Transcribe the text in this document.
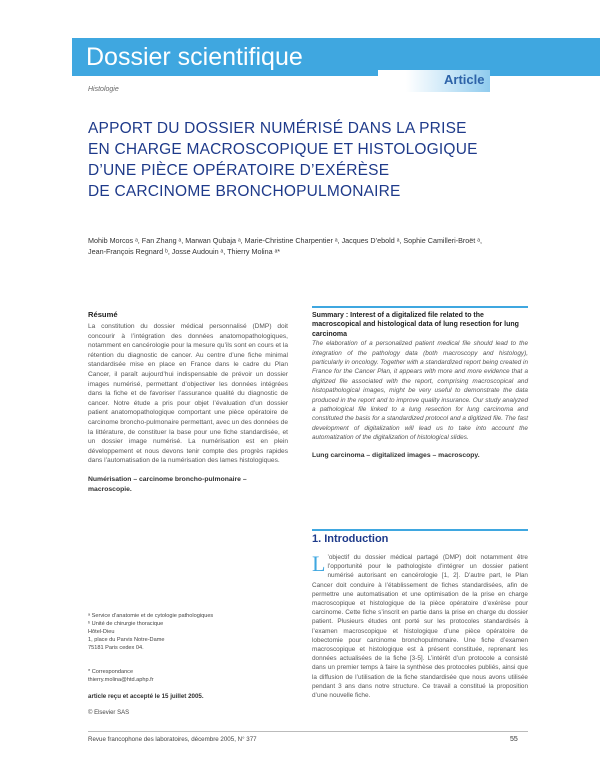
Dossier scientifique
Article
Histologie
APPORT DU DOSSIER NUMÉRISÉ DANS LA PRISE
EN CHARGE MACROSCOPIQUE ET HISTOLOGIQUE
D’UNE PIÈCE OPÉRATOIRE D’EXÉRÈSE
DE CARCINOME BRONCHOPULMONAIRE
Mohib Morcos ᵃ, Fan Zhang ᵃ, Marwan Qubaja ᵃ, Marie-Christine Charpentier ᵃ, Jacques D’ebold ᵃ, Sophie Camilleri-Broët ᵃ,
Jean-François Regnard ᵇ, Josse Audouin ᵃ, Thierry Molina ᵃ*
Résumé
La constitution du dossier médical personnalisé (DMP) doit concourir à l’intégration des données anatomopathologiques, notamment en cancérologie pour la mesure qu’ils sont en cours et la rétention du diagnostic de cancer. Au centre d’une fiche minimal standardisée mise en place en France dans le cadre du Plan Cancer, il paraît aujourd’hui indispensable de prévoir un dossier images numérisé, permettant d’objectiver les données intégrées dans la fiche et de favoriser l’assurance qualité du diagnostic de cancer. Notre étude a pris pour objet l’évaluation d’un dossier patient anatomopathologique comportant une pièce opératoire de carcinome broncho-pulmonaire permettant, avec un des données de la littérature, de constituer la base pour une fiche standardisée, et un dossier image numérisé. La numérisation est en plein développement et nous devons tenir compte des progrès rapides dans l’automatisation de la numérisation des lames histologiques.
Numérisation – carcinome broncho-pulmonaire – macroscopie.
Summary : Interest of a digitalized file related to the macroscopical and histological data of lung resection for lung carcinoma
The elaboration of a personalized patient medical file should lead to the integration of the pathology data (both macroscopy and histology), particularly in oncology. Together with a standardized report being created in France for the Cancer Plan, it appears with more and more evidence that a digitized file associated with the report, comprising macroscopical and histopathological images, might be very useful to demonstrate the data produced in the report and to improve quality insurance. Our study analyzed a pathological file linked to a lung resection for lung carcinoma and constituted the basis for a standardized protocol and a digitized file. The fast development of digitalization will lead us to take into account the automatization of the digitalization of histological slides.
Lung carcinoma – digitalized images – macroscopy.
1. Introduction
L ’objectif du dossier médical partagé (DMP) doit notamment être l’opportunité pour le pathologiste d’intégrer un dossier patient numérisé autorisant en cancérologie [1, 2]. D’autre part, le Plan Cancer doit conduire à l’établissement de fiches standardisées, afin de permettre une automatisation et une optimisation de la prise en charge macroscopique et histologique de la pièce opératoire d’exérèse pour carcinome. Cette fiche s’inscrit en partie dans la prise en charge du dossier patient. Plusieurs études ont porté sur les protocoles standardisés à l’examen macroscopique et histologique d’une pièce opératoire de lobectomie pour carcinome bronchopulmonaire. Une fiche d’examen macroscopique et histologique est à présent constituée, reprenant les données actualisées de la fiche [3-5]. L’intérêt d’un protocole a consisté dans un premier temps à faire la synthèse des protocoles publiés, ainsi que la diffusion de l’utilisation de la fiche standardisée que nous avons utilisée pendant 3 ans dans notre structure. Ce travail a constitué la proposition d’une nouvelle fiche.
ᵃ Service d’anatomie et de cytologie pathologiques
ᵇ Unité de chirurgie thoracique
Hôtel-Dieu
1, place du Parvis Notre-Dame
75181 Paris cedex 04.
* Correspondance
thierry.molina@htd.aphp.fr
article reçu et accepté le 15 juillet 2005.
© Elsevier SAS
Revue francophone des laboratoires, décembre 2005, N° 377	55
